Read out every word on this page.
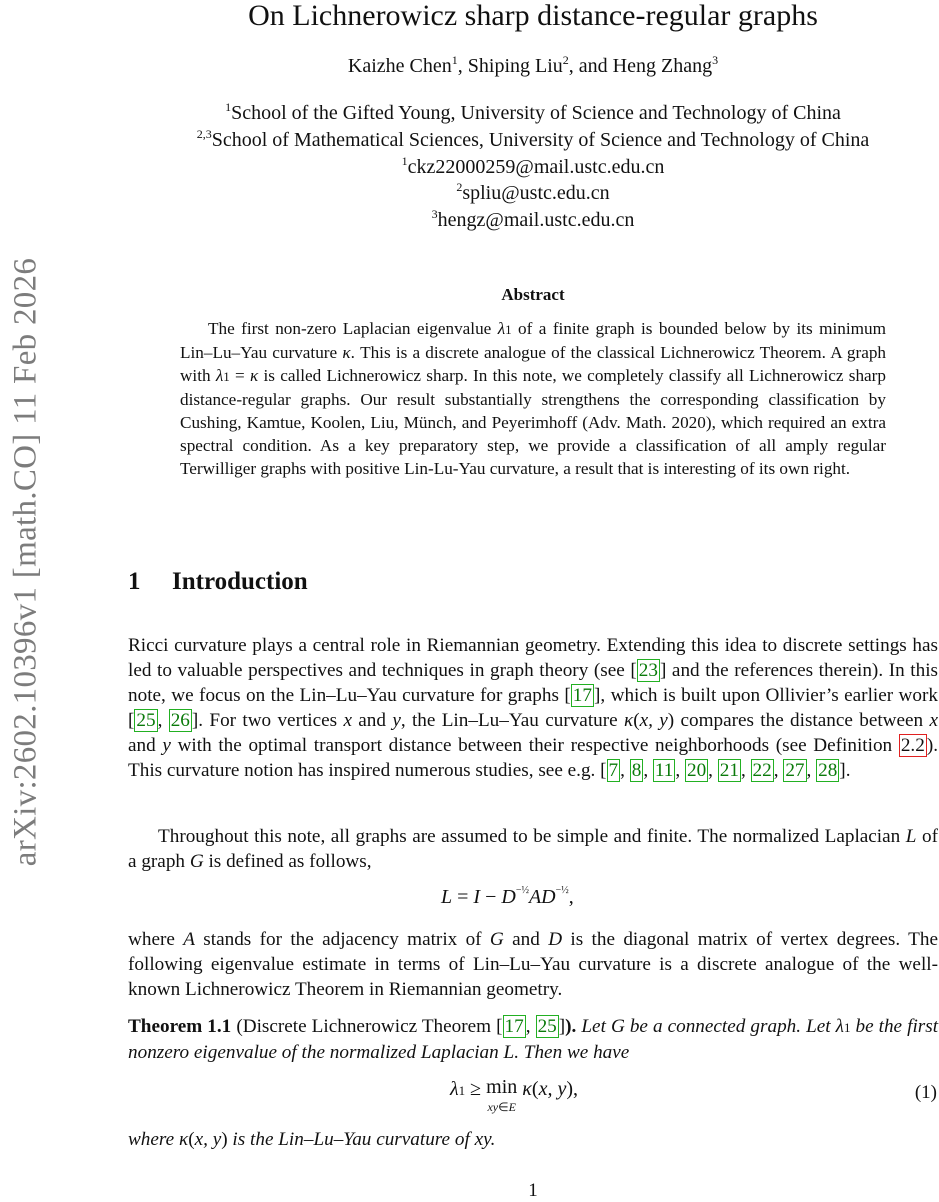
arXiv:2602.10396v1 [math.CO] 11 Feb 2026
On Lichnerowicz sharp distance-regular graphs
Kaizhe Chen$^1$, Shiping Liu$^2$, and Heng Zhang$^3$
$^1$School of the Gifted Young, University of Science and Technology of China
$^{2,3}$School of Mathematical Sciences, University of Science and Technology of China
$^1$ckz22000259@mail.ustc.edu.cn
$^2$spliu@ustc.edu.cn
$^3$hengz@mail.ustc.edu.cn
Abstract
The first non-zero Laplacian eigenvalue λ1 of a finite graph is bounded below by its minimum Lin–Lu–Yau curvature κ. This is a discrete analogue of the classical Lichnerowicz Theorem. A graph with λ1 = κ is called Lichnerowicz sharp. In this note, we completely classify all Lichnerowicz sharp distance-regular graphs. Our result substantially strengthens the corresponding classification by Cushing, Kamtue, Koolen, Liu, Münch, and Peyerimhoff (Adv. Math. 2020), which required an extra spectral condition. As a key preparatory step, we provide a classification of all amply regular Terwilliger graphs with positive Lin-Lu-Yau curvature, a result that is interesting of its own right.
1 Introduction
Ricci curvature plays a central role in Riemannian geometry. Extending this idea to discrete settings has led to valuable perspectives and techniques in graph theory (see [ 23 ] and the references therein). In this note, we focus on the Lin–Lu–Yau curvature for graphs [ 17 ], which is built upon Ollivier’s earlier work [ 25 , 26 ]. For two vertices x and y, the Lin–Lu–Yau curvature κ(x, y) compares the distance between x and y with the optimal transport distance between their respective neighborhoods (see Definition 2.2 ). This curvature notion has inspired numerous studies, see e.g. [ 7 , 8 , 11 , 20 , 21 , 22 , 27 , 28 ].
Throughout this note, all graphs are assumed to be simple and finite. The normalized Laplacian L of a graph G is defined as follows,
L = I − D−½AD−½,
where A stands for the adjacency matrix of G and D is the diagonal matrix of vertex degrees. The following eigenvalue estimate in terms of Lin–Lu–Yau curvature is a discrete analogue of the well-known Lichnerowicz Theorem in Riemannian geometry.
Theorem 1.1 (Discrete Lichnerowicz Theorem [ 17 , 25 ]). Let G be a connected graph. Let λ1 be the first nonzero eigenvalue of the normalized Laplacian L. Then we have
λ1 ≥ min
xy∈E κ(x, y),	(1)
where κ(x, y) is the Lin–Lu–Yau curvature of xy.
1
